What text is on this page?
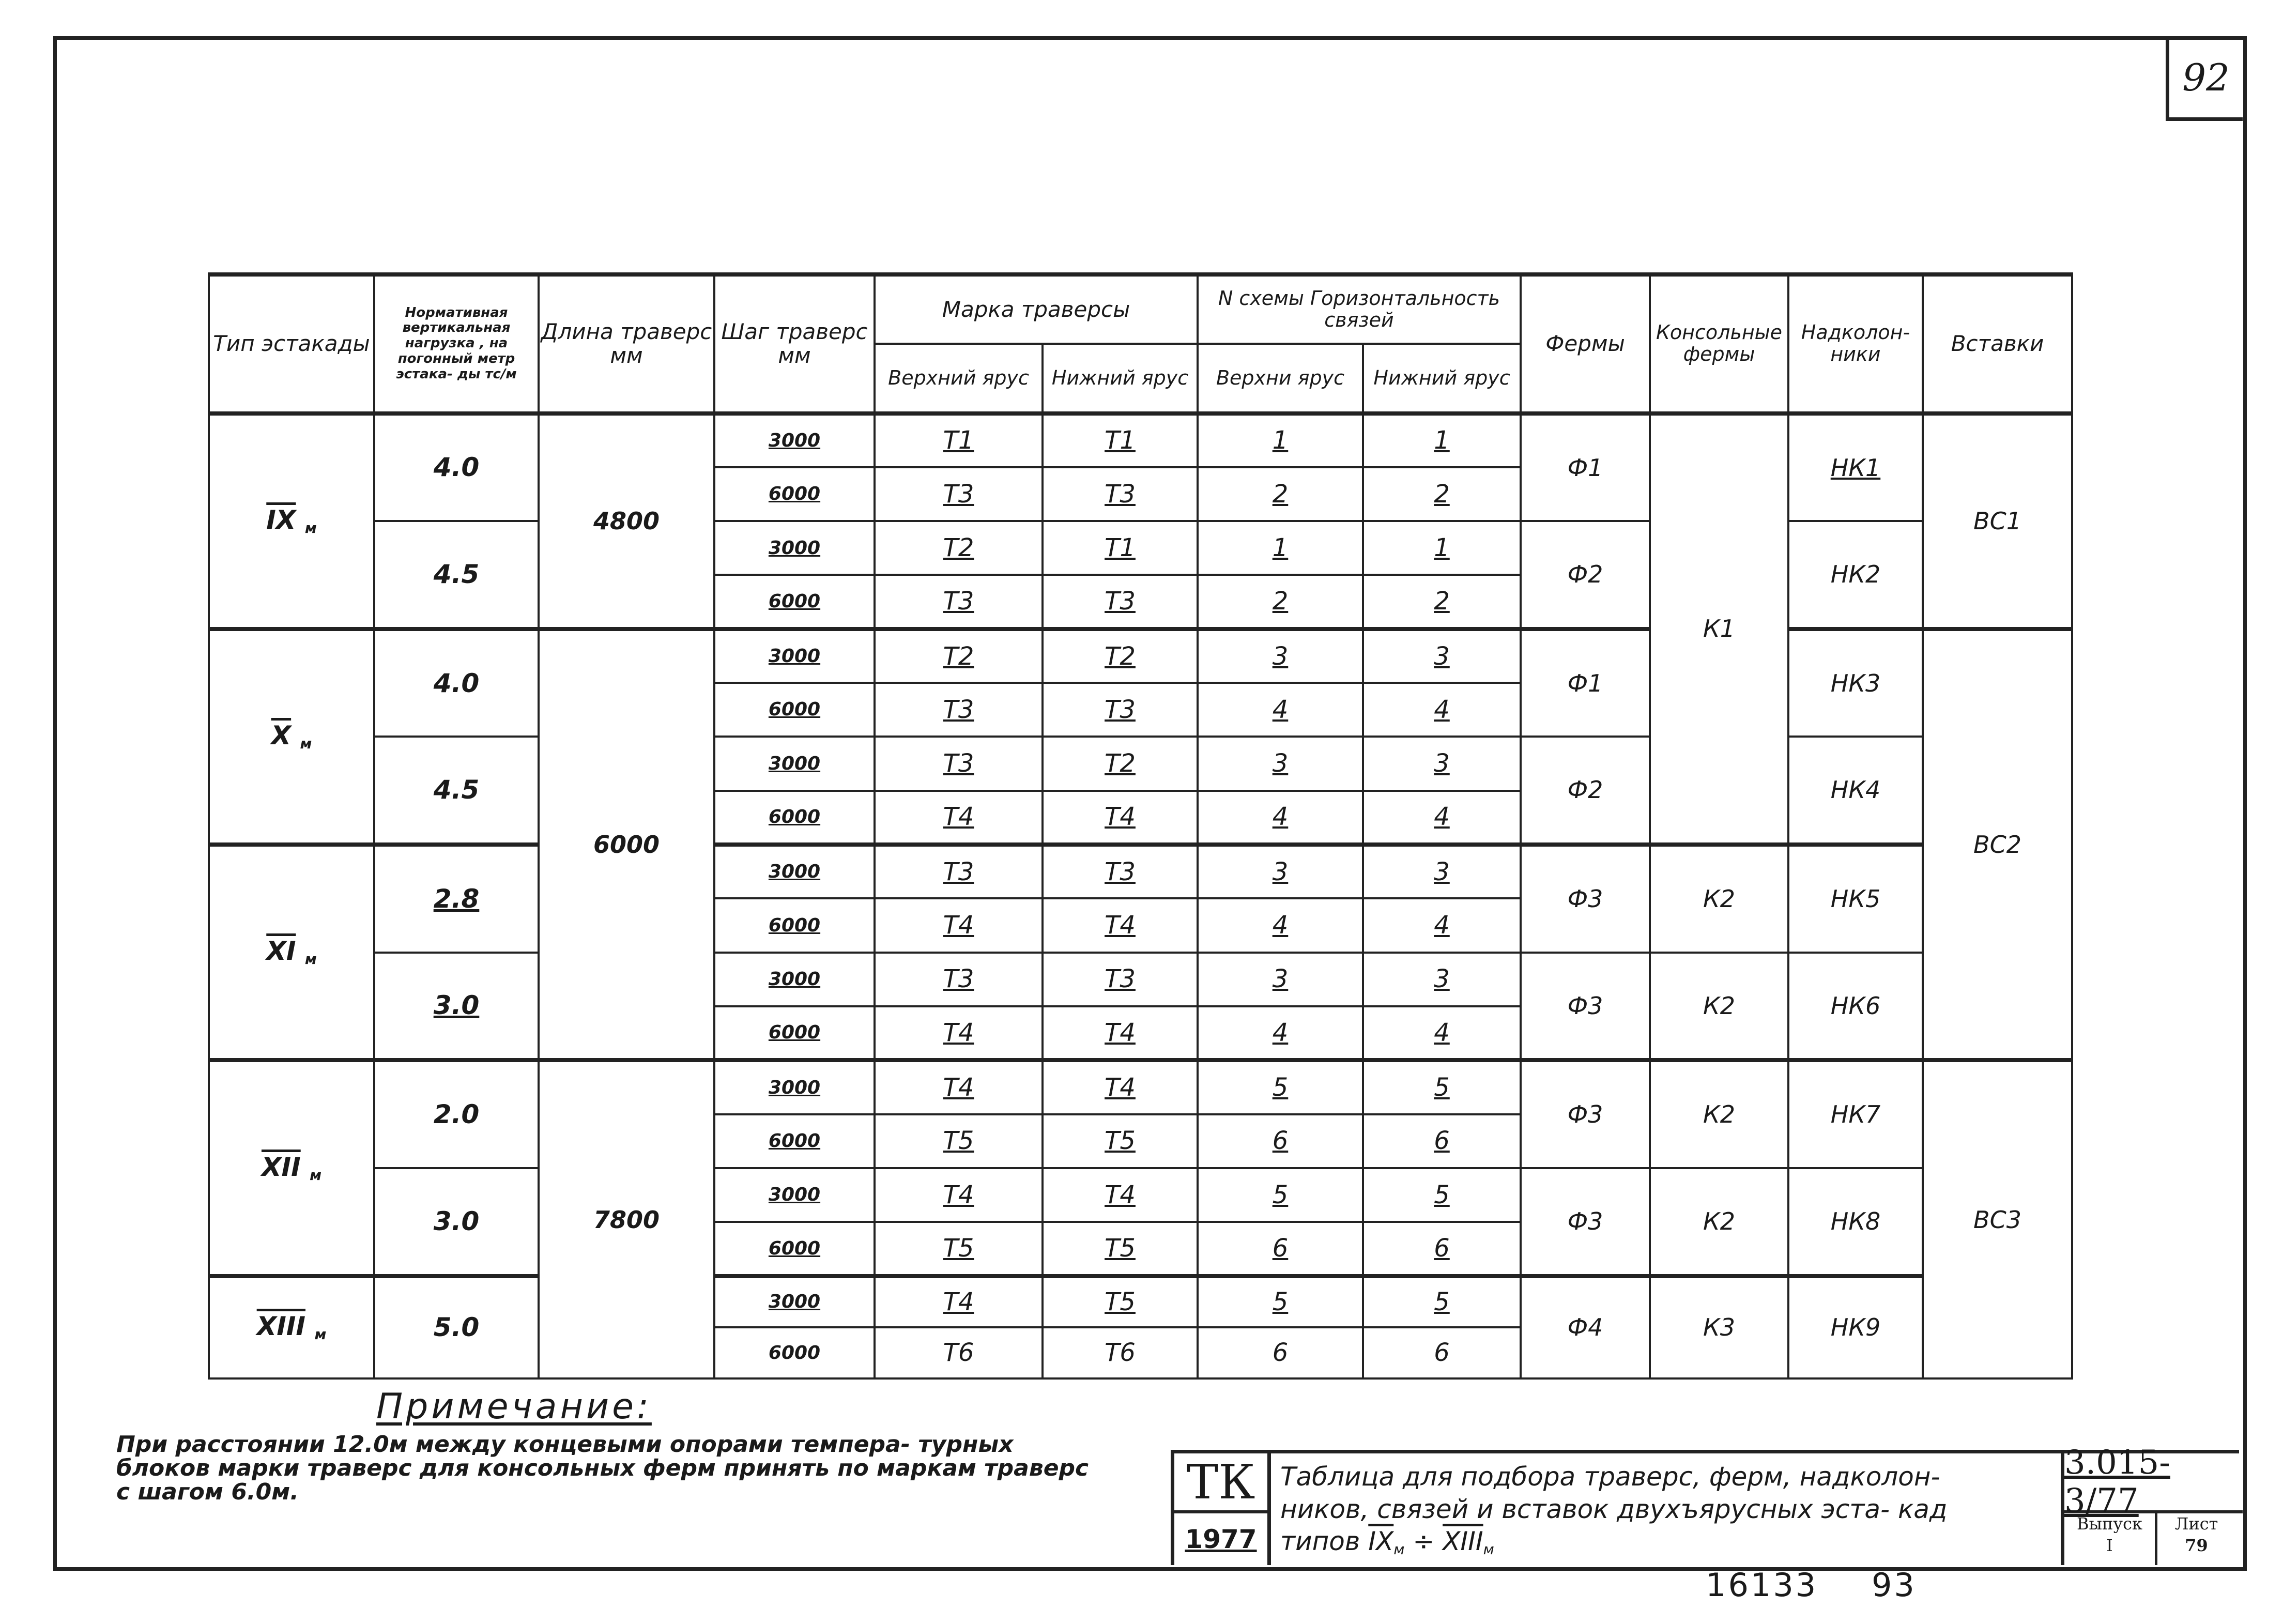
92
Тип эстакады	Нормативная вертикальная нагрузка , на погонный метр эстака- ды тс/м	Длина траверс мм	Шаг траверс мм	Марка траверсы		N схемы Горизонтальность связей		Фермы	Консольные фермы	Надколон- ники	Вставки
				Верхний ярус	Нижний ярус	Верхни ярус	Нижний ярус				
$\overline{IX}$ $_м$	4.0	4800	3000	Т1	Т1	1	1	Ф1	К1	НК1	ВС1
			6000	Т3	Т3	2	2				
	4.5		3000	Т2	Т1	1	1	Ф2		НК2	
			6000	Т3	Т3	2	2				
$\overline{X}$ $_м$	4.0	6000	3000	Т2	Т2	3	3	Ф1		НК3	ВС2
			6000	Т3	Т3	4	4				
	4.5		3000	Т3	Т2	3	3	Ф2		НК4	
			6000	Т4	Т4	4	4				
$\overline{XI}$ $_м$	2.8		3000	Т3	Т3	3	3	Ф3	К2	НК5	
			6000	Т4	Т4	4	4				
	3.0		3000	Т3	Т3	3	3	Ф3	К2	НК6	
			6000	Т4	Т4	4	4				
$\overline{XII}$ $_м$	2.0	7800	3000	Т4	Т4	5	5	Ф3	К2	НК7	ВС3
			6000	Т5	Т5	6	6				
	3.0		3000	Т4	Т4	5	5	Ф3	К2	НК8	
			6000	Т5	Т5	6	6				
XIII $_м$	5.0		3000	Т4	Т5	5	5	Ф4	К3	НК9	
			6000	Т6	Т6	6	6				
Примечание:
При расстоянии 12.0м между концевыми опорами темпера- турных блоков марки траверс для консольных ферм принять по маркам траверс с шагом 6.0м.	ТК
1977
Таблица для подбора траверс, ферм, надколон- ников, связей и вставок двухъярусных эста- кад типов $\overline{IX}_м$ ÷ $XIII_м$
3.015-3/77
Выпуск
I
Лист
79
16133 93
